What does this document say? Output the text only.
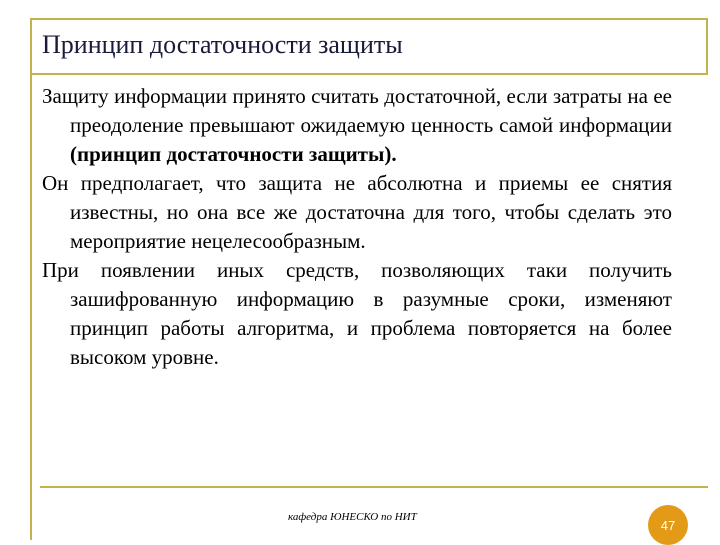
Принцип достаточности защиты

Защиту информации принято считать достаточной, если затраты на ее преодоление превышают ожидаемую ценность самой информации (принцип достаточности защиты).

Он предполагает, что защита не абсолютна и приемы ее снятия известны, но она все же достаточна для того, чтобы сделать это мероприятие нецелесообразным.

При появлении иных средств, позволяющих таки получить зашифрованную информацию в разумные сроки, изменяют принцип работы алгоритма, и проблема повторяется на более высоком уровне.

кафедра ЮНЕСКО по НИТ
47
